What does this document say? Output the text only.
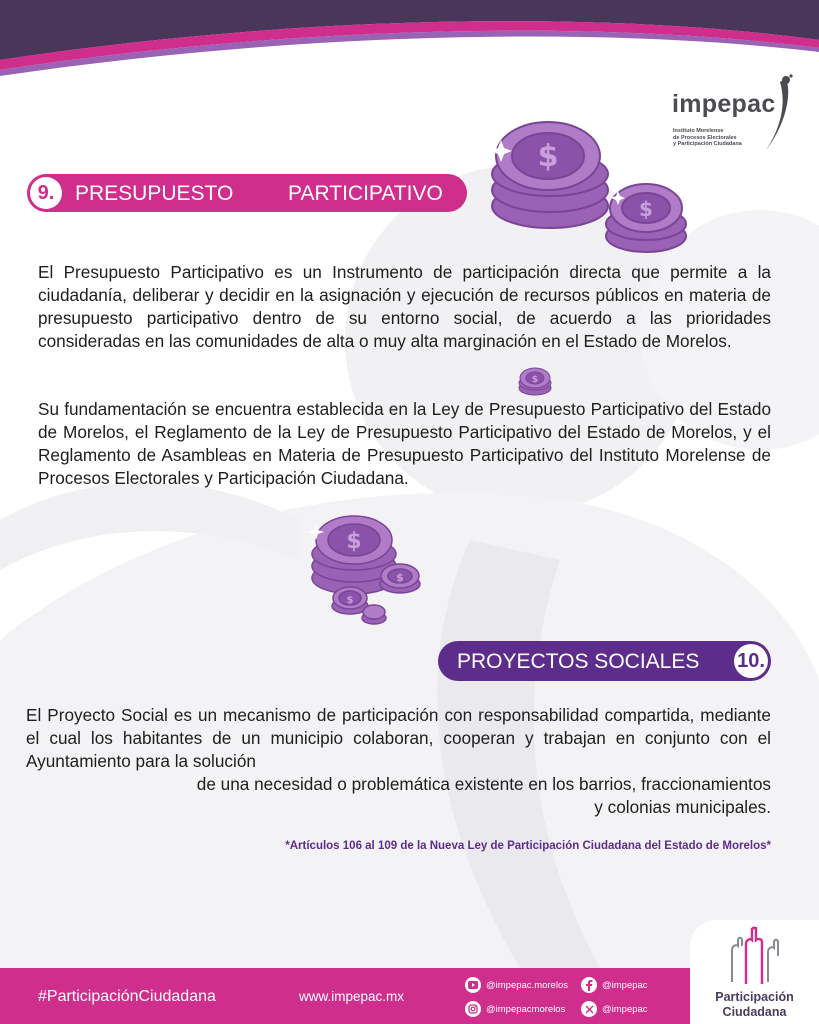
impepac
Instituto Morelense
de Procesos Electorales
y Participación Ciudadana
$
$
$
$
$
$
9. PRESUPUESTO	PARTICIPATIVO
El Presupuesto Participativo es un Instrumento de participación directa que permite a la ciudadanía, deliberar y decidir en la asignación y ejecución de recursos públicos en materia de presupuesto participativo dentro de su entorno social, de acuerdo a las prioridades consideradas en las comunidades de alta o muy alta marginación en el Estado de Morelos.
Su fundamentación se encuentra establecida en la Ley de Presupuesto Participativo del Estado de Morelos, el Reglamento de la Ley de Presupuesto Participativo del Estado de Morelos, y el Reglamento de Asambleas en Materia de Presupuesto Participativo del Instituto Morelense de Procesos Electorales y Participación Ciudadana.
PROYECTOS SOCIALES 10.
El Proyecto Social es un mecanismo de participación con responsabilidad compartida, mediante el cual los habitantes de un municipio colaboran, cooperan y trabajan en conjunto con el Ayuntamiento para la solución
de una necesidad o problemática existente en los barrios, fraccionamientos
y colonias municipales.
*Artículos 106 al 109 de la Nueva Ley de Participación Ciudadana del Estado de Morelos*
#ParticipaciónCiudadana	www.impepac.mx
@impepac.morelos	@impepac
@impepacmorelos	@impepac
Participación
Ciudadana
